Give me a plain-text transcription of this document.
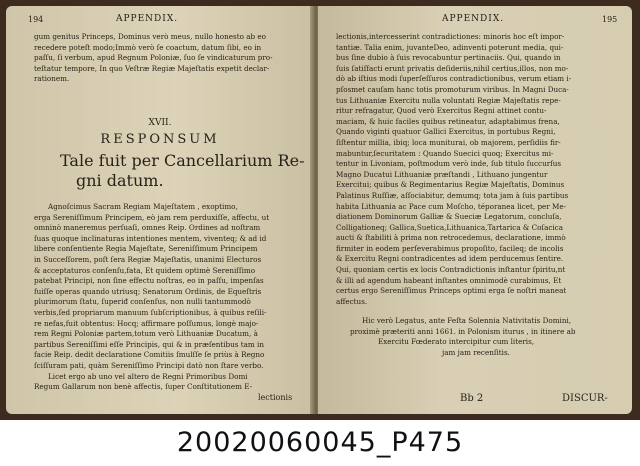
194	APPENDIX.
gum genitus Princeps, Dominus verò meus, nullo honesto ab eo
recedere poteſt modo;Immò verò ſe coactum, datum ſibi, eo in
paſſu, ſi verbum, apud Regnum Poloniæ, ſuo ſe vindicaturum pro-
teſtatur tempore, In quo Veſtræ Regiæ Majeſtatis expetit declar-
rationem.
XVII.
RESPONSUM
Tale fuit per Cancellarium Re-
gni datum.
Agnoſcimus Sacram Regiam Majeſtatem , exoptimo,
erga Sereniſſimum Principem, eò jam rem perduxiſſe, affectu, ut
omninò maneremus perſuaſi, omnes Reip. Ordines ad noſtram
ſuas quoque inclinaturas intentiones mentem, viventeq; & ad id
libere conſentiente Regia Majeſtate, Sereniſſimum Principem
in Succeſſorem, poſt ſera Regiæ Majeſtatis, unanimi Electuros
& acceptaturos conſenſu,fata, Et quidem optimè Sereniſſimo
patebat Principi, non ſine effectu noſtras, eo in paſſu, impenſas
fuiſſe operas quando utriusq; Senatorum Ordinis, de Equeſtris
plurimorum ſtatu, ſuperiđ conſenſus, non nulli tantummodò
verbis,ſed propriarum manuum ſubſcriptionibus, à quibus reſili-
re nefas,fuit obtentus: Hocq; affirmare poſſumus, longè majo-
rem Regni Poloniæ partem,totum verò Lithuaniæ Ducatum, à
partibus Sereniſſimi eſſe Principis, qui & in præſentibus tam in
facie Reip. dedit declaratione Comitiis ſmulſſe ſe priùs à Regno
ſciſſuram pati, quàm Sereniſſimo Principi datò non ſtare verbo.
Licet ergo ab uno vel altero de Regni Primoribus Domi
Regum Gallarum non benè affectis, ſuper Conſtitutionem E-
lectionis
APPENDIX.	195
lectionis,intercesserint contradictiones: minoris hoc eſt impor-
tantiæ. Talia enim, juvanteDeo, adinventi poterunt media, qui-
bus ſine dubio à ſuis revocabuntur pertinaciis. Qui, quando in
ſuis ſatiſfacti erunt privatis deſideriis,nihil certius,illos, non mo-
dò ab iſtius modi ſuperſeſſuros contradictionibus, verum etiam i-
pſosmet cauſam hanc totis promoturum viribus. In Magni Duca-
tus Lithuaniæ Exercitu nulla voluntati Regiæ Majeſtatis repe-
ritur refragatur, Quod verò Exercitus Regni attinet contu-
maciam, & huic faciles quibus retineatur, adaptabimus frena,
Quando viginti quatuor Gallici Exercitus, in portubus Regni,
ſiſtentur millia, ibiq; loca muniturai, ob majorem, perſidiis fir-
mabuntur,ſecuritatem : Quando Suecici quoq; Exercitus mi-
tentur in Livoniam, poſtmodum verò inde, ſub titulo ſuccurſus
Magno Ducatui Lithuaniæ præſtandi , Lithuano jungentur
Exercitui; quibus & Regimentarius Regiæ Majeſtatis, Dominus
Palatinus Ruſſiæ, aſſociabitur, demumq; tota jam à ſuis partibus
habita Lithuania ac Pace cum Moſcho, téporanea licet, per Me-
diationem Dominorum Galliæ & Sueciæ Legatorum, concluſa,
Colligationeq; Gallica,Suetica,Lithuanica,Tartarica & Coſacica
aucti & ſtabiliti à prima non retrocedemus, declaratione, immò
firmiter in eodem perſeverabimus propoſito, facileq; de incolis
& Exercitu Regni contradicentes ad idem perducemus ſentire.
Qui, quoniam certis ex locis Contradictionis inſtantur ſpiritu,nt
& illi ad agendum habeant inſtantes omnimodè curabimus, Et
certus ergo Sereniſſimus Princeps optimi erga ſe noſtri maneat
affectus.
Hic verò Legatus, ante Feſta Solennia Nativitatis Domini,
proximè præteriti anni 1661. in Polonism iturus , in itinere ab
Exercitu Fœderato intercipitur cum literis,
jam jam recenſitis.
Bb 2	DISCUR-
20020060045_P475
